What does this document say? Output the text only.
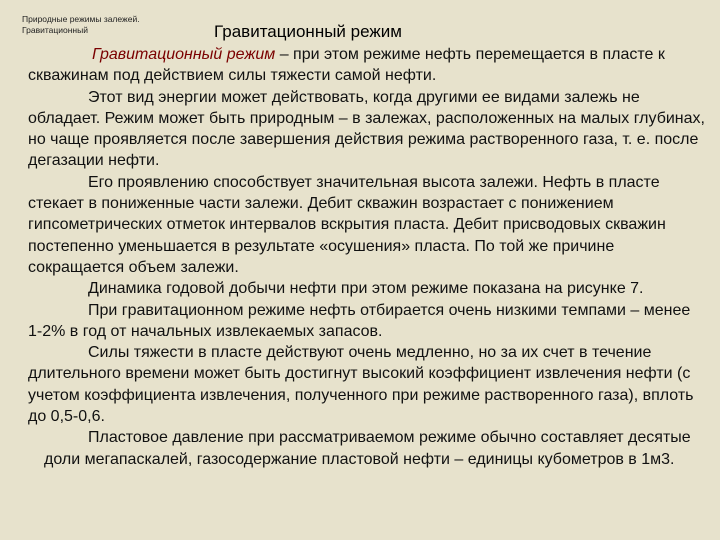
Природные режимы залежей.
Гравитационный	Гравитационный режим

Гравитационный режим – при этом режиме нефть перемещается в пласте к скважинам под действием силы тяжести самой нефти.

Этот вид энергии может действовать, когда другими ее видами залежь не обладает. Режим может быть природным – в залежах, расположенных на малых глубинах, но чаще проявляется после завершения действия режима растворенного газа, т. е. после дегазации нефти.

Его проявлению способствует значительная высота залежи. Нефть в пласте стекает в пониженные части залежи. Дебит скважин возрастает с понижением гипсометрических отметок интервалов вскрытия пласта. Дебит присводовых скважин постепенно уменьшается в результате «осушения» пласта. По той же причине сокращается объем залежи.

Динамика годовой добычи нефти при этом режиме показана на рисунке 7.

При гравитационном режиме нефть отбирается очень низкими темпами – менее 1-2% в год от начальных извлекаемых запасов.

Силы тяжести в пласте действуют очень медленно, но за их счет в течение длительного времени может быть достигнут высокий коэффициент извлечения нефти (с учетом коэффициента извлечения, полученного при режиме растворенного газа), вплоть до 0,5-0,6.

Пластовое давление при рассматриваемом режиме обычно составляет десятые доли мегапаскалей, газосодержание пластовой нефти – единицы кубометров в 1м3.
